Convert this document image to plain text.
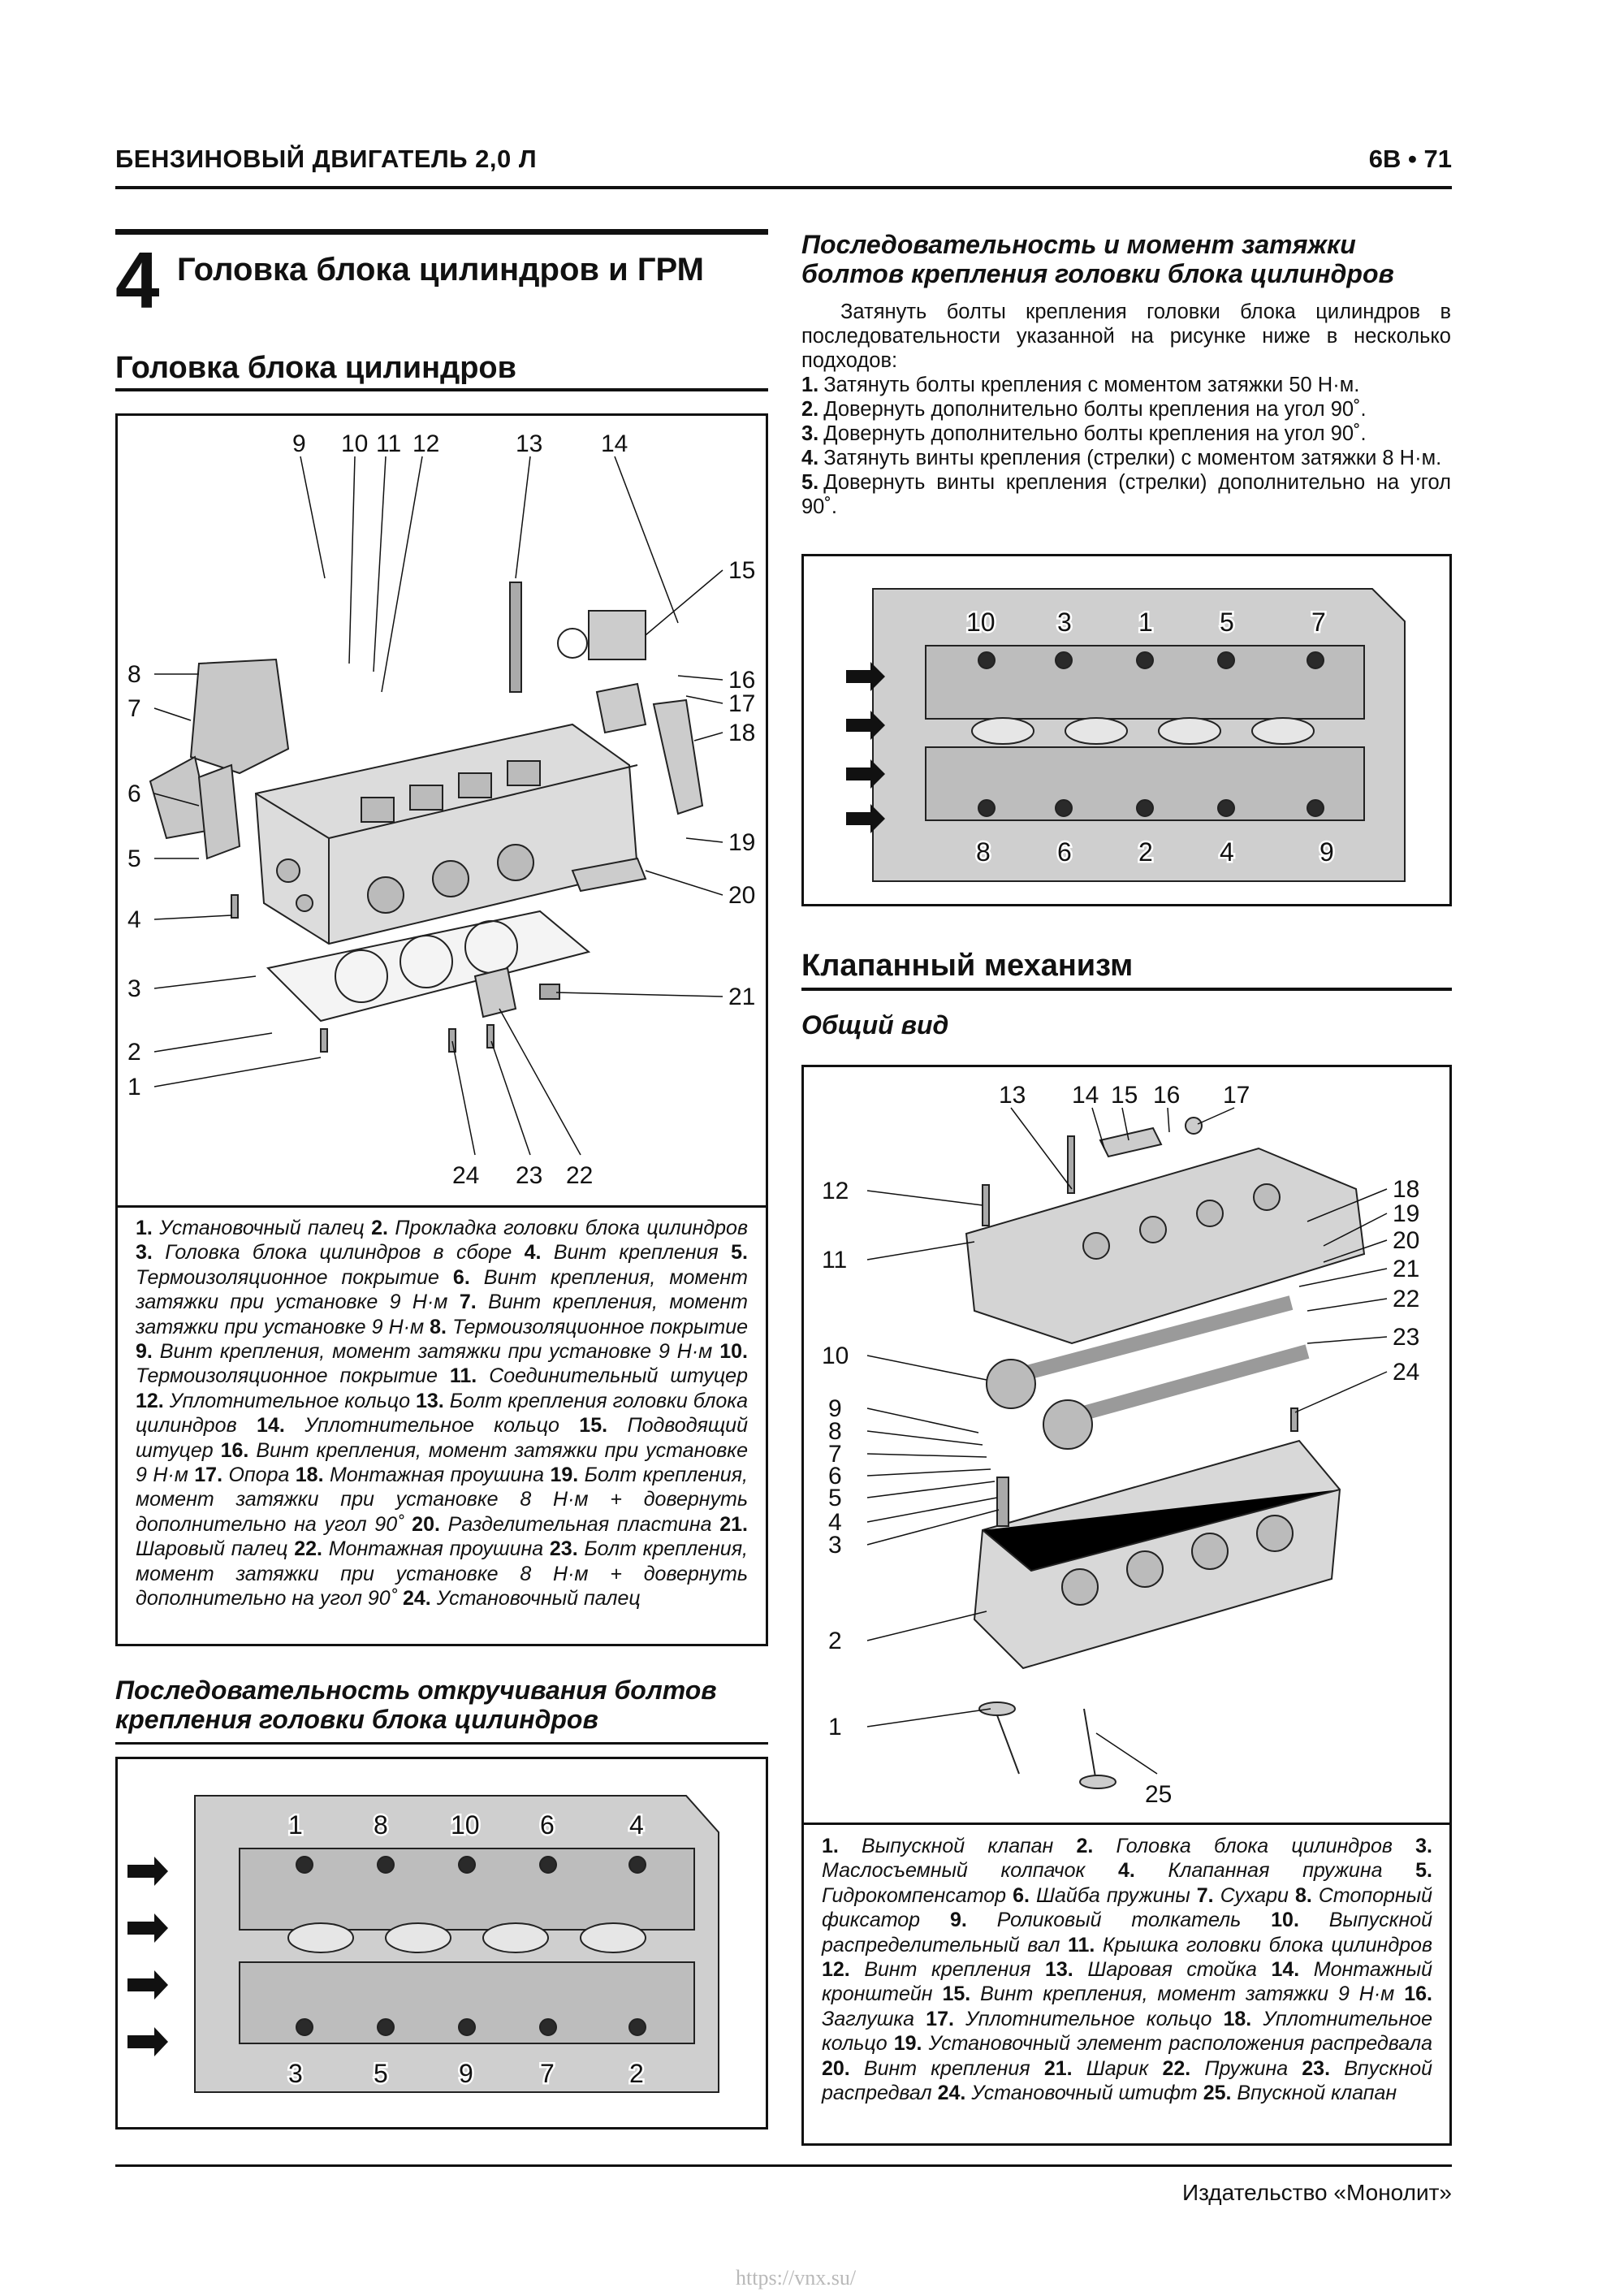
БЕНЗИНОВЫЙ ДВИГАТЕЛЬ 2,0 Л	6В • 71
4 Головка блока цилиндров и ГРМ
Головка блока цилиндров
9 10 11 12	13 14
15
16
17
18
19
20
21
22
23
24
8
7
6
5
4
3
2
1
1. Установочный палец 2. Прокладка головки блока цилиндров 3. Головка блока цилиндров в сборе 4. Винт крепления 5. Термоизоляционное покрытие 6. Винт крепления, момент затяжки при установке 9 Н·м 7. Винт крепления, момент затяжки при установке 9 Н·м 8. Термоизоляционное покрытие 9. Винт крепления, момент затяжки при установке 9 Н·м 10. Термоизоляционное покрытие 11. Соединительный штуцер 12. Уплотнительное кольцо 13. Болт крепления головки блока цилиндров 14. Уплотнительное кольцо 15. Подводящий штуцер 16. Винт крепления, момент затяжки при установке 9 Н·м 17. Опора 18. Монтажная проушина 19. Болт крепления, момент затяжки при установке 8 Н·м + довернуть дополнительно на угол 90˚ 20. Разделительная пластина 21. Шаровый палец 22. Монтажная проушина 23. Болт крепления, момент затяжки при установке 8 Н·м + довернуть дополнительно на угол 90˚ 24. Установочный палец
Последовательность откручивания болтов крепления головки блока цилиндров
1	8 10 6	4
3	5	9	7	2
Последовательность и момент затяжки болтов крепления головки блока цилиндров
Затянуть болты крепления головки блока цилиндров в последовательности указанной на рисунке ниже в несколько подходов:
1. Затянуть болты крепления с моментом затяжки 50 Н·м.
2. Довернуть дополнительно болты крепления на угол 90˚.
3. Довернуть дополнительно болты крепления на угол 90˚.
4. Затянуть винты крепления (стрелки) с моментом затяжки 8 Н·м.
5. Довернуть винты крепления (стрелки) дополнительно на угол 90˚.
10 3	1	5	7
8	6	2	4	9
Клапанный механизм
Общий вид
13 14 15 16 17
12
11
10
9
8
7
6
5
4
3
2
1
18
19
20
21
22
23
24
25
1. Выпускной клапан 2. Головка блока цилиндров 3. Маслосъемный колпачок 4. Клапанная пружина 5. Гидрокомпенсатор 6. Шайба пружины 7. Сухари 8. Стопорный фиксатор 9. Роликовый толкатель 10. Выпускной распределительный вал 11. Крышка головки блока цилиндров 12. Винт крепления 13. Шаровая стойка 14. Монтажный кронштейн 15. Винт крепления, момент затяжки 9 Н·м 16. Заглушка 17. Уплотнительное кольцо 18. Уплотнительное кольцо 19. Установочный элемент расположения распредвала 20. Винт крепления 21. Шарик 22. Пружина 23. Впускной распредвал 24. Установочный штифт 25. Впускной клапан
Издательство «Монолит»
https://vnx.su/
